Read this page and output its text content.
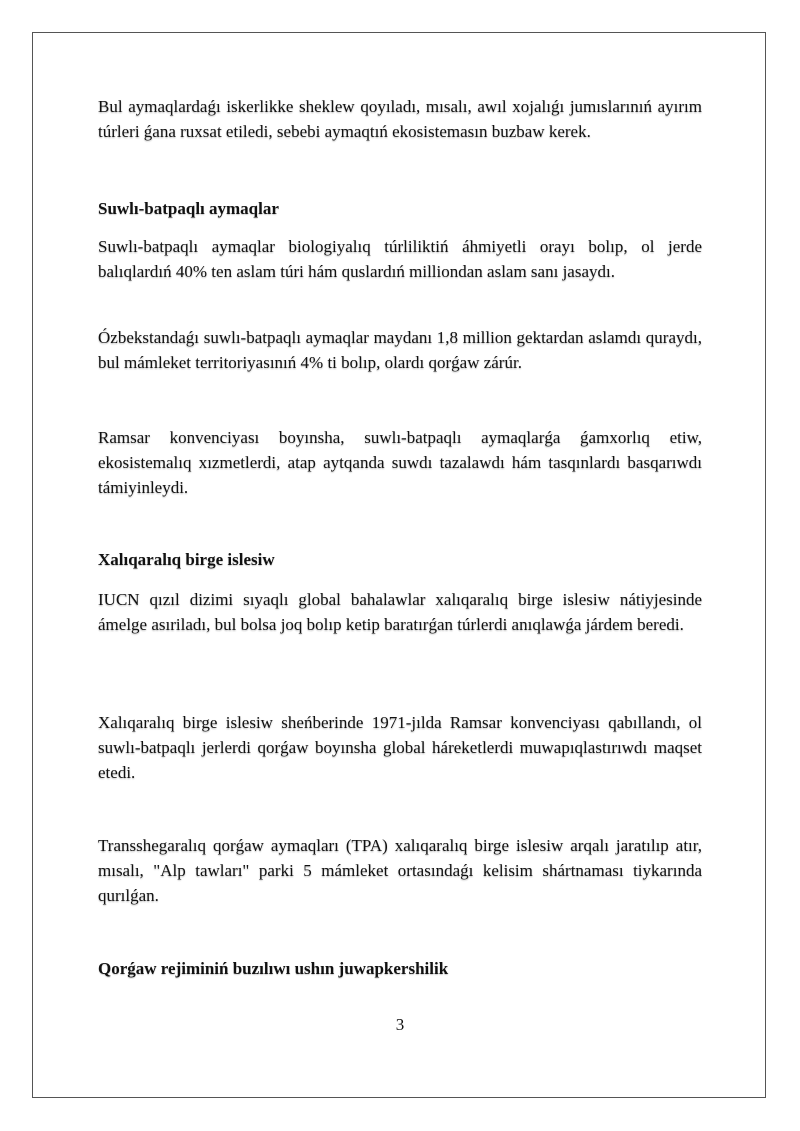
Bul aymaqlardaǵı iskerlikke sheklew qoyıladı, mısalı, awıl xojalıǵı jumıslarınıń ayırım túrleri ǵana ruxsat etiledi, sebebi aymaqtıń ekosistemasın buzbaw kerek.

Suwlı-batpaqlı aymaqlar

Suwlı-batpaqlı aymaqlar biologiyalıq túrliliktiń áhmiyetli orayı bolıp, ol jerde balıqlardıń 40% ten aslam túri hám quslardıń milliondan aslam sanı jasaydı.

Ózbekstandaǵı suwlı-batpaqlı aymaqlar maydanı 1,8 million gektardan aslamdı quraydı, bul mámleket territoriyasınıń 4% ti bolıp, olardı qorǵaw zárúr.

Ramsar konvenciyası boyınsha, suwlı-batpaqlı aymaqlarǵa ǵamxorlıq etiw, ekosistemalıq xızmetlerdi, atap aytqanda suwdı tazalawdı hám tasqınlardı basqarıwdı támiyinleydi.

Xalıqaralıq birge islesiw

IUCN qızıl dizimi sıyaqlı global bahalawlar xalıqaralıq birge islesiw nátiyjesinde ámelge asıriladı, bul bolsa joq bolıp ketip baratırǵan túrlerdi anıqlawǵa járdem beredi.

Xalıqaralıq birge islesiw sheńberinde 1971-jılda Ramsar konvenciyası qabıllandı, ol suwlı-batpaqlı jerlerdi qorǵaw boyınsha global háreketlerdi muwapıqlastırıwdı maqset etedi.

Transshegaralıq qorǵaw aymaqları (TPA) xalıqaralıq birge islesiw arqalı jaratılıp atır, mısalı, "Alp tawları" parki 5 mámleket ortasındaǵı kelisim shártnaması tiykarında qurılǵan.

Qorǵaw rejiminiń buzılıwı ushın juwapkershilik

3
